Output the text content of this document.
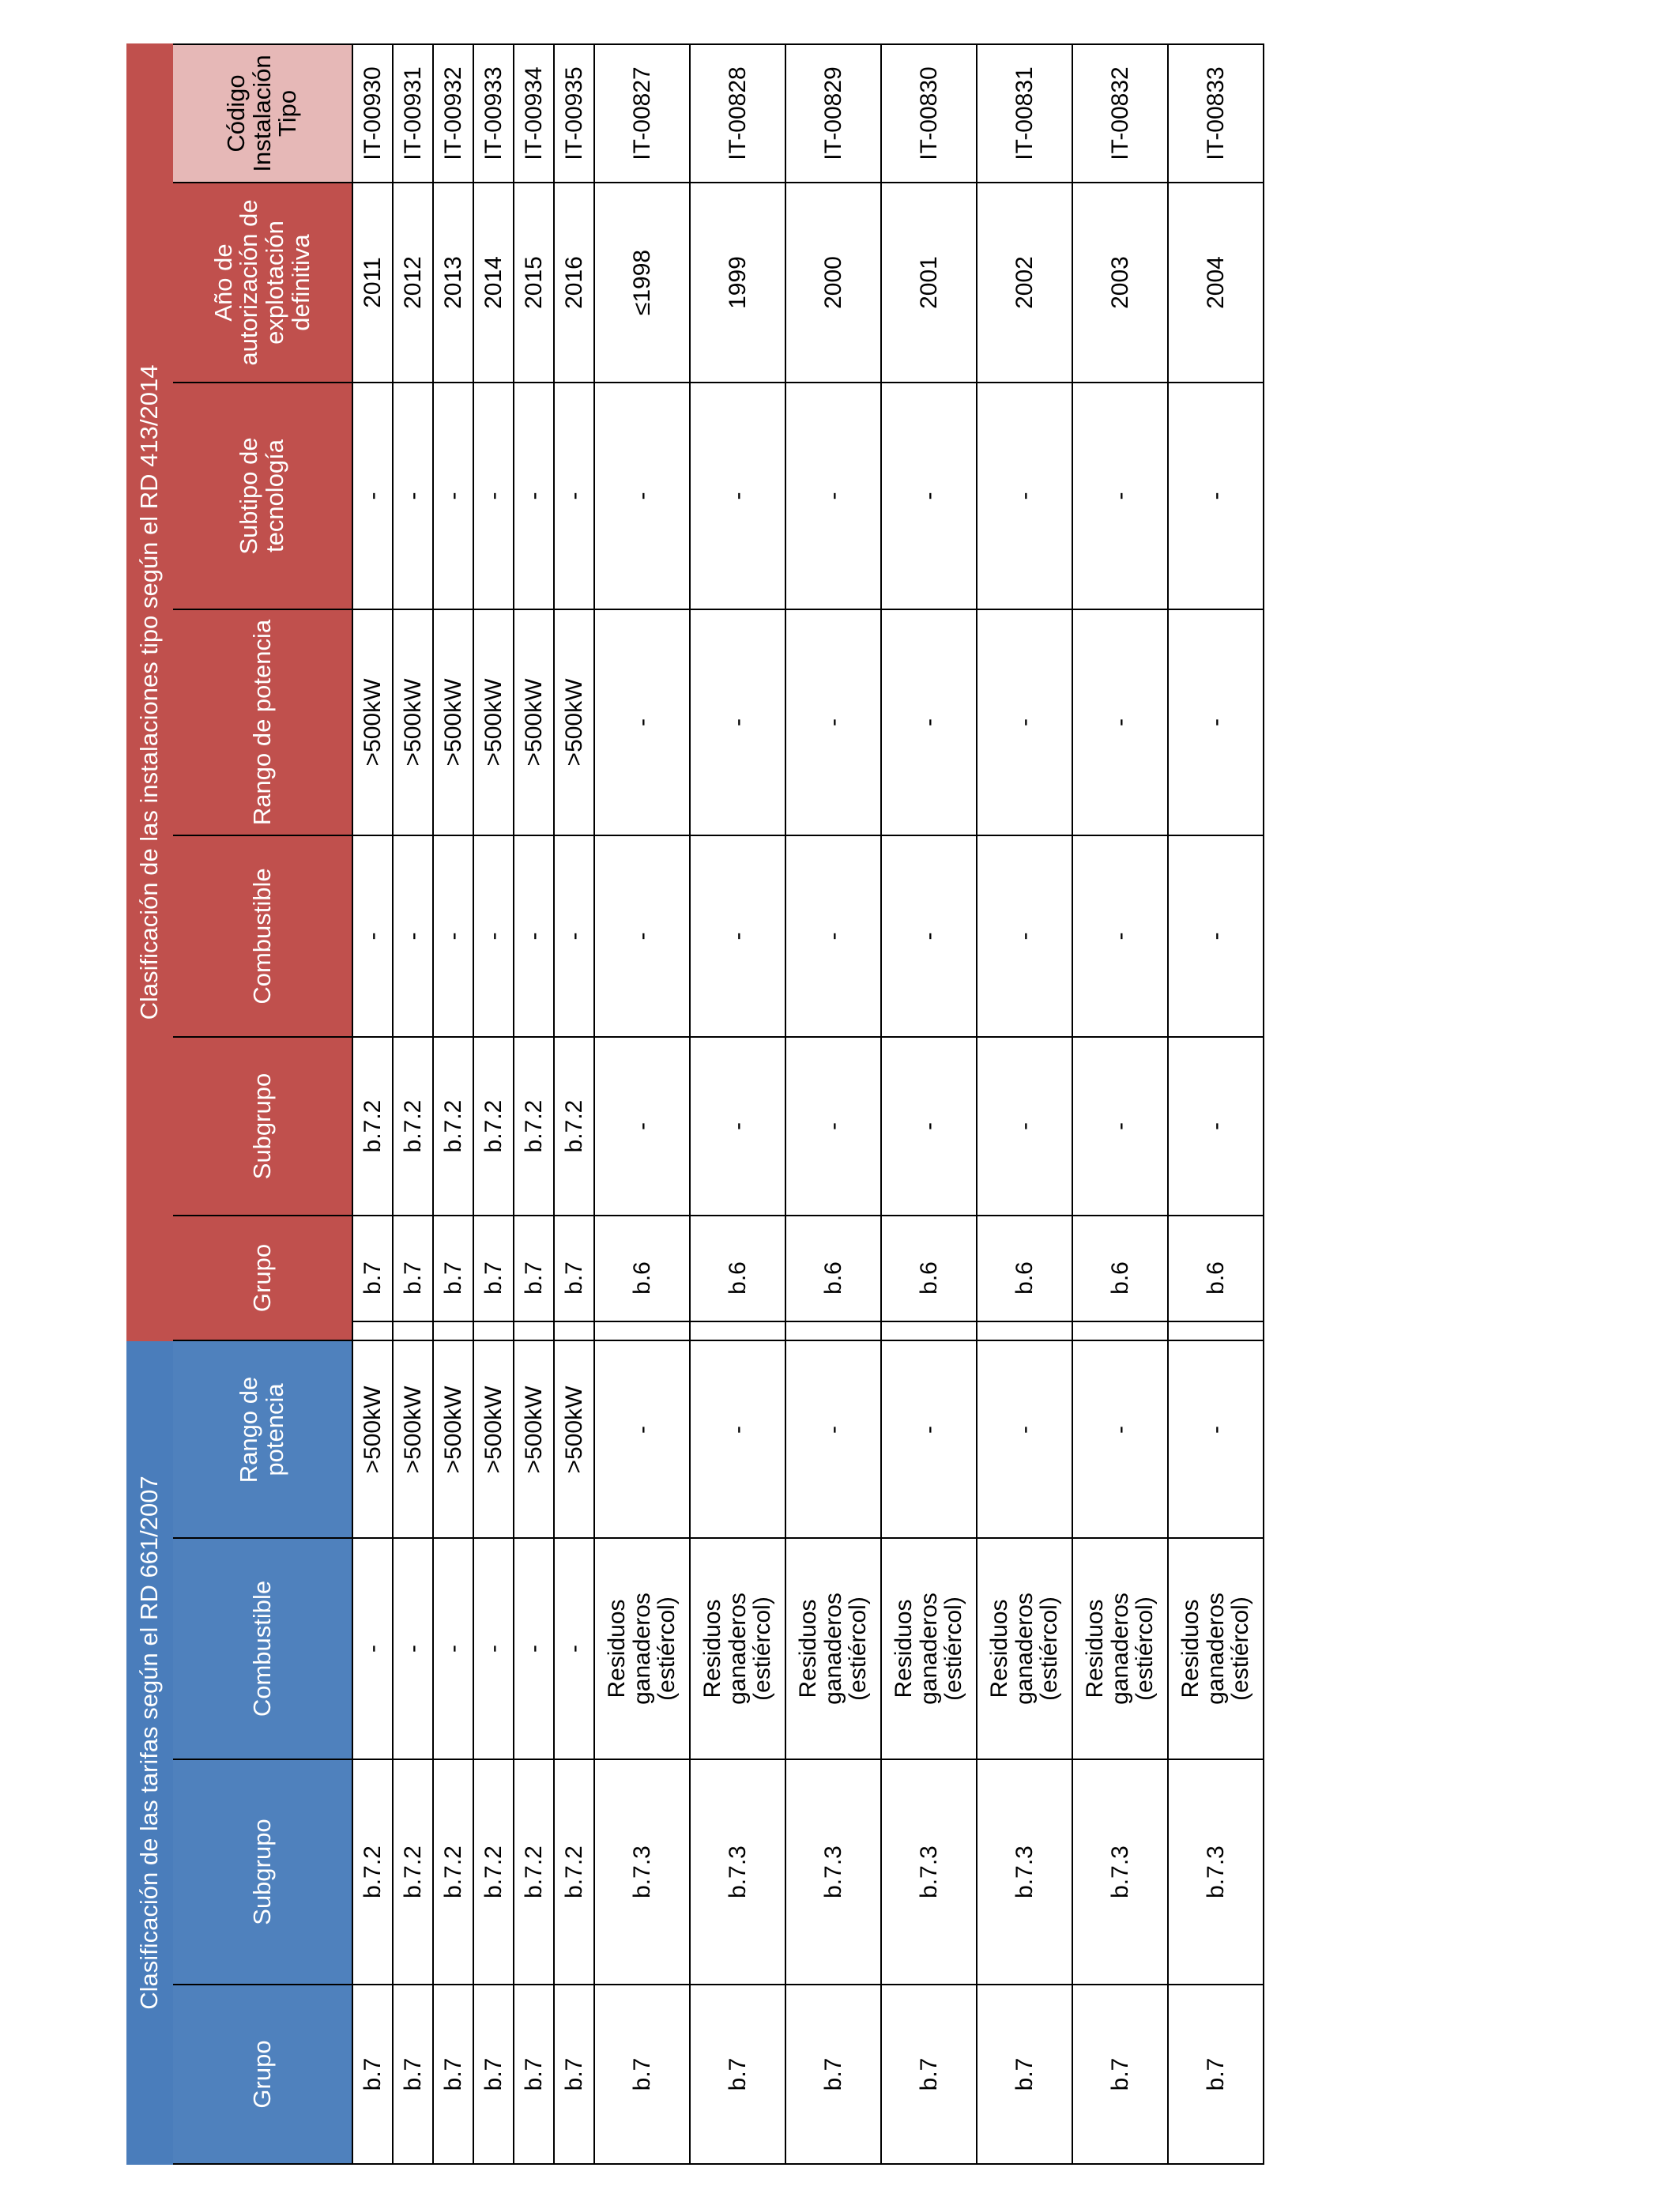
Clasificación de las tarifas según el RD 661/2007			
Grupo	Subgrupo	Combustible	Rango de potencia
b.7	b.7.2	-	>500kW
b.7	b.7.2	-	>500kW
b.7	b.7.2	-	>500kW
b.7	b.7.2	-	>500kW
b.7	b.7.2	-	>500kW
b.7	b.7.2	-	>500kW
b.7	b.7.3	Residuos ganaderos (estiércol)	-
b.7	b.7.3	Residuos ganaderos (estiércol)	-
b.7	b.7.3	Residuos ganaderos (estiércol)	-
b.7	b.7.3	Residuos ganaderos (estiércol)	-
b.7	b.7.3	Residuos ganaderos (estiércol)	-
b.7	b.7.3	Residuos ganaderos (estiércol)	-
b.7	b.7.3	Residuos ganaderos (estiércol)	-
Clasificación de las instalaciones tipo según el RD 413/2014						
Grupo	Subgrupo	Combustible	Rango de potencia	Subtipo de tecnología	Año de autorización de explotación definitiva	Código Instalación Tipo
b.7	b.7.2	-	>500kW	-	2011	IT-00930
b.7	b.7.2	-	>500kW	-	2012	IT-00931
b.7	b.7.2	-	>500kW	-	2013	IT-00932
b.7	b.7.2	-	>500kW	-	2014	IT-00933
b.7	b.7.2	-	>500kW	-	2015	IT-00934
b.7	b.7.2	-	>500kW	-	2016	IT-00935
b.6	-	-	-	-	≤1998	IT-00827
b.6	-	-	-	-	1999	IT-00828
b.6	-	-	-	-	2000	IT-00829
b.6	-	-	-	-	2001	IT-00830
b.6	-	-	-	-	2002	IT-00831
b.6	-	-	-	-	2003	IT-00832
b.6	-	-	-	-	2004	IT-00833
